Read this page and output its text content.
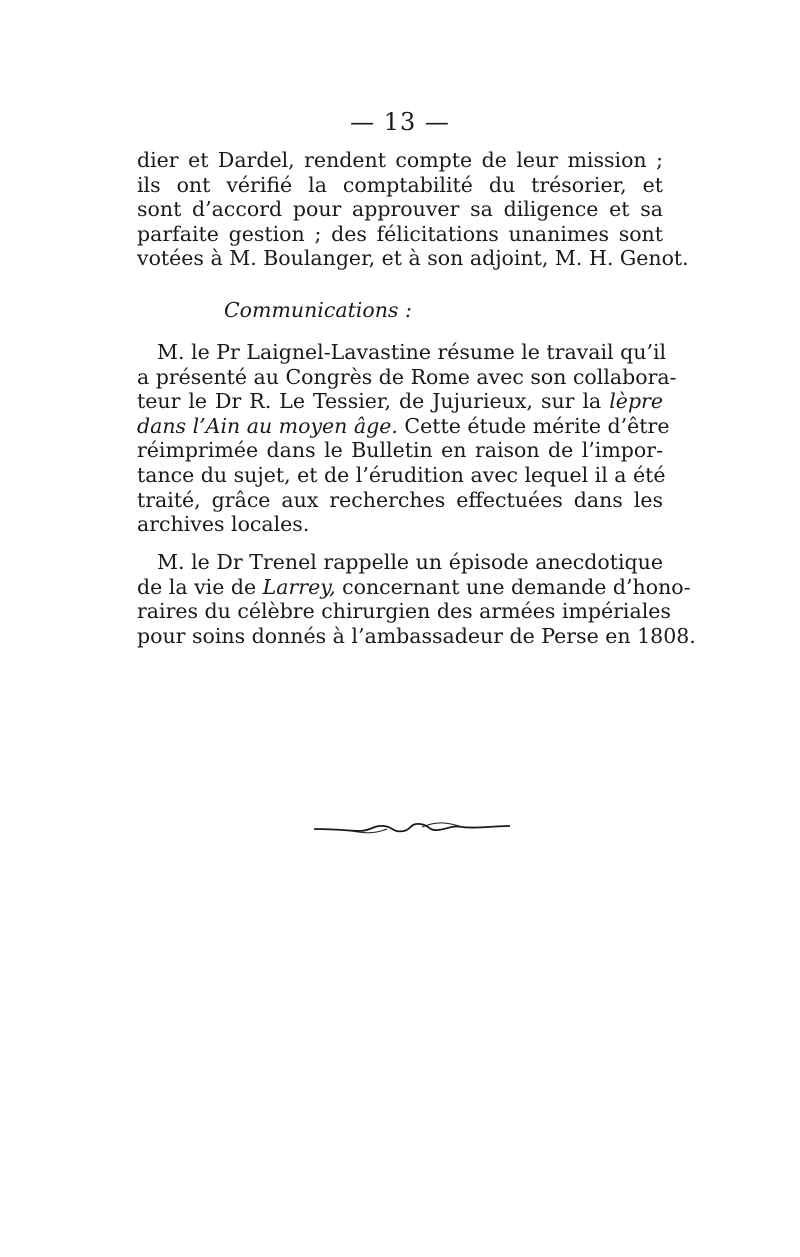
— 13 —
dier et Dardel, rendent compte de leur mission ;
ils ont vérifié la comptabilité du trésorier, et
sont d’accord pour approuver sa diligence et sa
parfaite gestion ; des félicitations unanimes sont
votées à M. Boulanger, et à son adjoint, M. H. Genot.
Communications :
M. le Pr Laignel-Lavastine résume le travail qu’il
a présenté au Congrès de Rome avec son collabora-
teur le Dr R. Le Tessier, de Jujurieux, sur la lèpre
dans l’Ain au moyen âge. Cette étude mérite d’être
réimprimée dans le Bulletin en raison de l’impor-
tance du sujet, et de l’érudition avec lequel il a été
traité, grâce aux recherches effectuées dans les
archives locales.
M. le Dr Trenel rappelle un épisode anecdotique
de la vie de Larrey, concernant une demande d’hono-
raires du célèbre chirurgien des armées impériales
pour soins donnés à l’ambassadeur de Perse en 1808.
